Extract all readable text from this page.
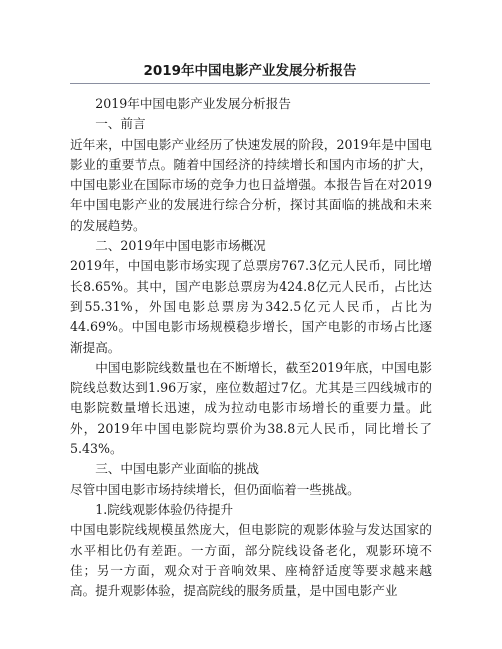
2019年中国电影产业发展分析报告

2019年中国电影产业发展分析报告

一、前言

近年来，中国电影产业经历了快速发展的阶段，2019年是中国电影业的重要节点。随着中国经济的持续增长和国内市场的扩大，中国电影业在国际市场的竞争力也日益增强。本报告旨在对2019年中国电影产业的发展进行综合分析，探讨其面临的挑战和未来的发展趋势。

二、2019年中国电影市场概况

2019年，中国电影市场实现了总票房767.3亿元人民币，同比增长8.65%。其中，国产电影总票房为424.8亿元人民币，占比达到55.31%，外国电影总票房为342.5亿元人民币，占比为44.69%。中国电影市场规模稳步增长，国产电影的市场占比逐渐提高。

中国电影院线数量也在不断增长，截至2019年底，中国电影院线总数达到1.96万家，座位数超过7亿。尤其是三四线城市的电影院数量增长迅速，成为拉动电影市场增长的重要力量。此外，2019年中国电影院均票价为38.8元人民币，同比增长了5.43%。

三、中国电影产业面临的挑战

尽管中国电影市场持续增长，但仍面临着一些挑战。

1.院线观影体验仍待提升

中国电影院线规模虽然庞大，但电影院的观影体验与发达国家的水平相比仍有差距。一方面，部分院线设备老化，观影环境不佳；另一方面，观众对于音响效果、座椅舒适度等要求越来越高。提升观影体验，提高院线的服务质量，是中国电影产业
